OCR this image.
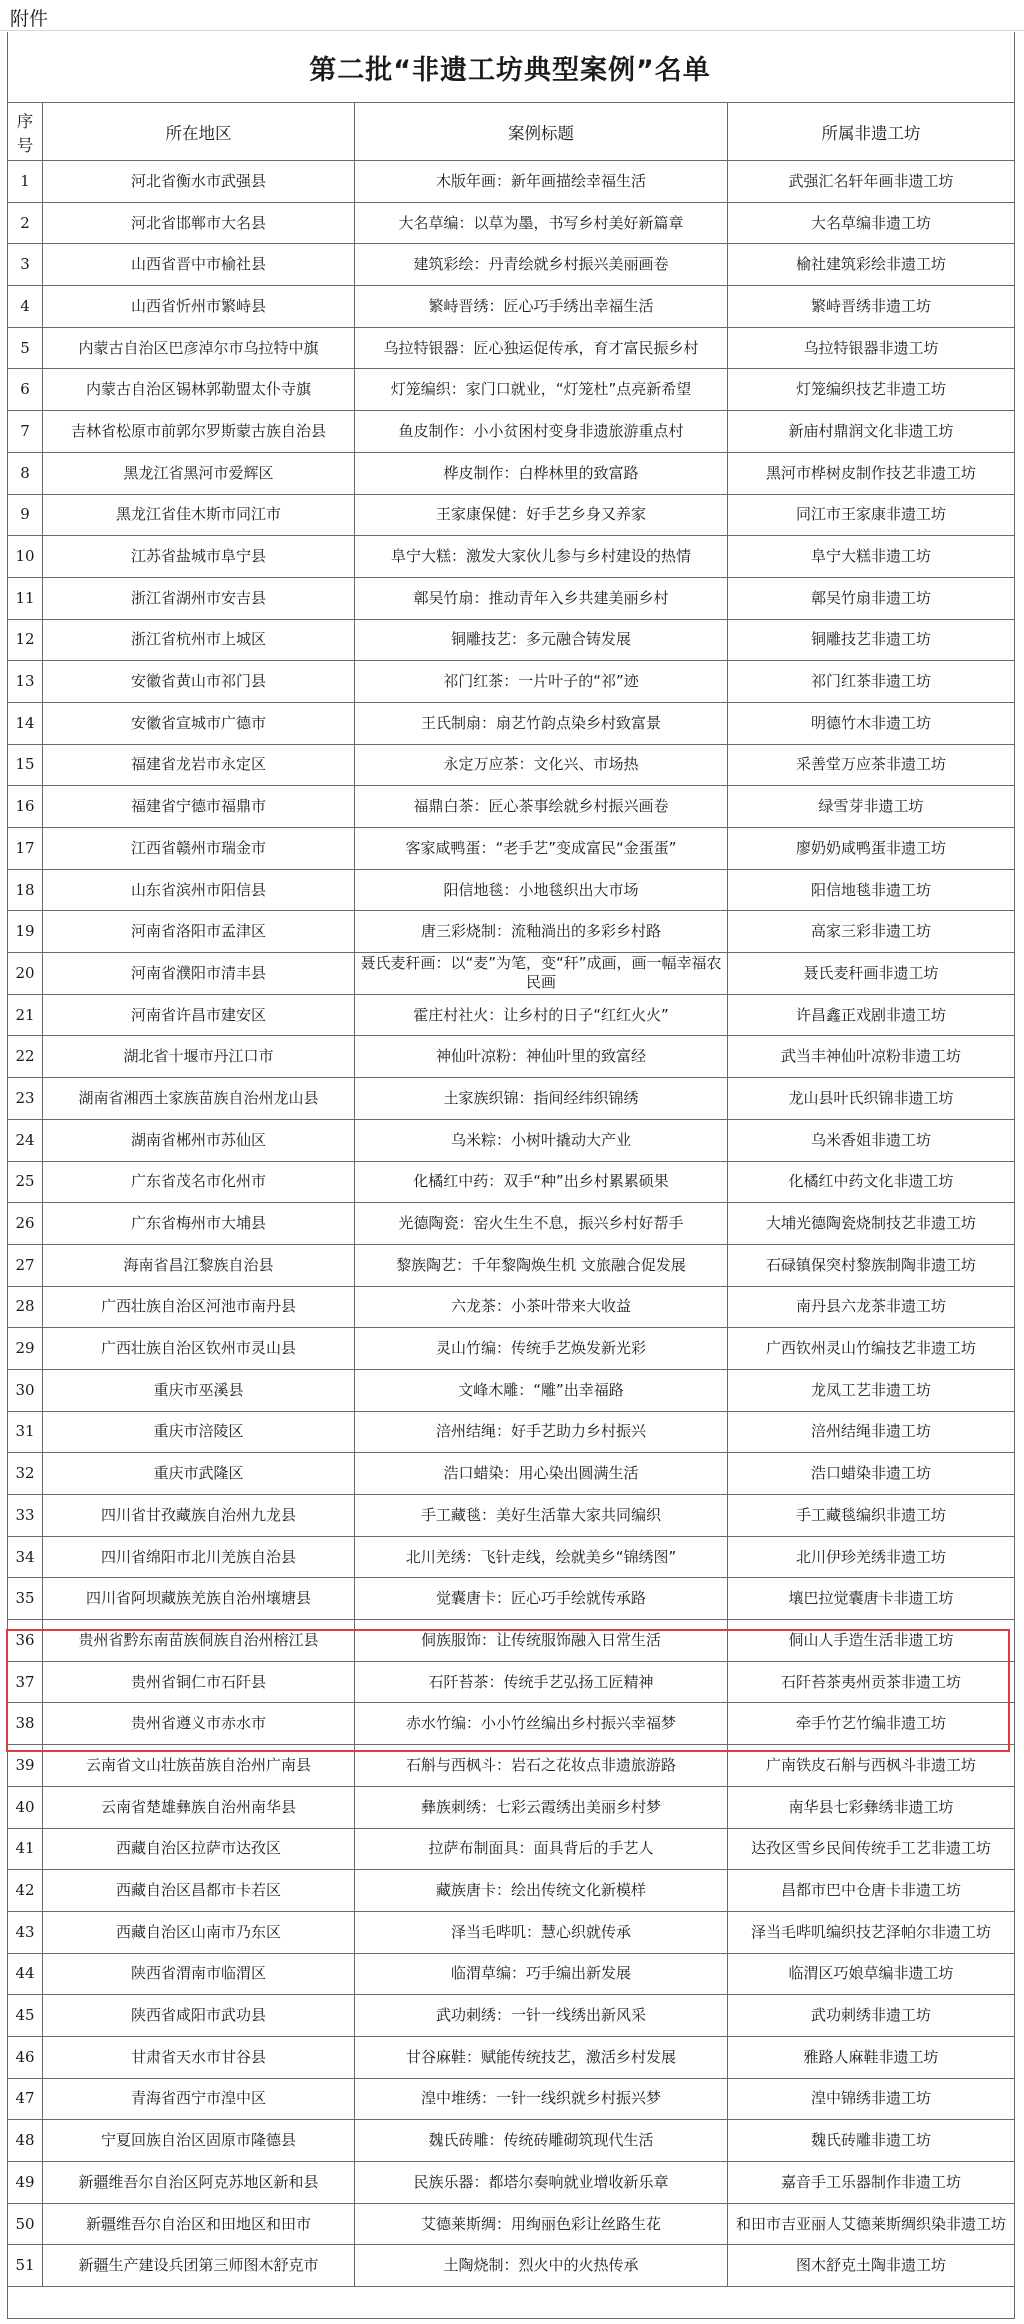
附件
第二批“非遗工坊典型案例”名单
序号	所在地区	案例标题	所属非遗工坊
1	河北省衡水市武强县	木版年画：新年画描绘幸福生活	武强汇名轩年画非遗工坊
2	河北省邯郸市大名县	大名草编：以草为墨，书写乡村美好新篇章	大名草编非遗工坊
3	山西省晋中市榆社县	建筑彩绘：丹青绘就乡村振兴美丽画卷	榆社建筑彩绘非遗工坊
4	山西省忻州市繁峙县	繁峙晋绣：匠心巧手绣出幸福生活	繁峙晋绣非遗工坊
5	内蒙古自治区巴彦淖尔市乌拉特中旗	乌拉特银器：匠心独运促传承，育才富民振乡村	乌拉特银器非遗工坊
6	内蒙古自治区锡林郭勒盟太仆寺旗	灯笼编织：家门口就业，“灯笼杜”点亮新希望	灯笼编织技艺非遗工坊
7	吉林省松原市前郭尔罗斯蒙古族自治县	鱼皮制作：小小贫困村变身非遗旅游重点村	新庙村鼎润文化非遗工坊
8	黑龙江省黑河市爱辉区	桦皮制作：白桦林里的致富路	黑河市桦树皮制作技艺非遗工坊
9	黑龙江省佳木斯市同江市	王家康保健：好手艺乡身又养家	同江市王家康非遗工坊
10	江苏省盐城市阜宁县	阜宁大糕：激发大家伙儿参与乡村建设的热情	阜宁大糕非遗工坊
11	浙江省湖州市安吉县	鄣吴竹扇：推动青年入乡共建美丽乡村	鄣吴竹扇非遗工坊
12	浙江省杭州市上城区	铜雕技艺：多元融合铸发展	铜雕技艺非遗工坊
13	安徽省黄山市祁门县	祁门红茶：一片叶子的“祁”迹	祁门红茶非遗工坊
14	安徽省宣城市广德市	王氏制扇：扇艺竹韵点染乡村致富景	明德竹木非遗工坊
15	福建省龙岩市永定区	永定万应茶：文化兴、市场热	采善堂万应茶非遗工坊
16	福建省宁德市福鼎市	福鼎白茶：匠心茶事绘就乡村振兴画卷	绿雪芽非遗工坊
17	江西省赣州市瑞金市	客家咸鸭蛋：“老手艺”变成富民“金蛋蛋”	廖奶奶咸鸭蛋非遗工坊
18	山东省滨州市阳信县	阳信地毯：小地毯织出大市场	阳信地毯非遗工坊
19	河南省洛阳市孟津区	唐三彩烧制：流釉淌出的多彩乡村路	高家三彩非遗工坊
20	河南省濮阳市清丰县	聂氏麦秆画：以“麦”为笔，变“秆”成画，画一幅幸福农民画	聂氏麦秆画非遗工坊
21	河南省许昌市建安区	霍庄村社火：让乡村的日子“红红火火”	许昌鑫正戏剧非遗工坊
22	湖北省十堰市丹江口市	神仙叶凉粉：神仙叶里的致富经	武当丰神仙叶凉粉非遗工坊
23	湖南省湘西土家族苗族自治州龙山县	土家族织锦：指间经纬织锦绣	龙山县叶氏织锦非遗工坊
24	湖南省郴州市苏仙区	乌米粽：小树叶撬动大产业	乌米香姐非遗工坊
25	广东省茂名市化州市	化橘红中药：双手“种”出乡村累累硕果	化橘红中药文化非遗工坊
26	广东省梅州市大埔县	光德陶瓷：窑火生生不息，振兴乡村好帮手	大埔光德陶瓷烧制技艺非遗工坊
27	海南省昌江黎族自治县	黎族陶艺：千年黎陶焕生机 文旅融合促发展	石碌镇保突村黎族制陶非遗工坊
28	广西壮族自治区河池市南丹县	六龙茶：小茶叶带来大收益	南丹县六龙茶非遗工坊
29	广西壮族自治区钦州市灵山县	灵山竹编：传统手艺焕发新光彩	广西钦州灵山竹编技艺非遗工坊
30	重庆市巫溪县	文峰木雕：“雕”出幸福路	龙凤工艺非遗工坊
31	重庆市涪陵区	涪州结绳：好手艺助力乡村振兴	涪州结绳非遗工坊
32	重庆市武隆区	浩口蜡染：用心染出圆满生活	浩口蜡染非遗工坊
33	四川省甘孜藏族自治州九龙县	手工藏毯：美好生活靠大家共同编织	手工藏毯编织非遗工坊
34	四川省绵阳市北川羌族自治县	北川羌绣：飞针走线，绘就美乡“锦绣图”	北川伊珍羌绣非遗工坊
35	四川省阿坝藏族羌族自治州壤塘县	觉囊唐卡：匠心巧手绘就传承路	壤巴拉觉囊唐卡非遗工坊
36	贵州省黔东南苗族侗族自治州榕江县	侗族服饰：让传统服饰融入日常生活	侗山人手造生活非遗工坊
37	贵州省铜仁市石阡县	石阡苔茶：传统手艺弘扬工匠精神	石阡苔茶夷州贡茶非遗工坊
38	贵州省遵义市赤水市	赤水竹编：小小竹丝编出乡村振兴幸福梦	牵手竹艺竹编非遗工坊
39	云南省文山壮族苗族自治州广南县	石斛与西枫斗：岩石之花妆点非遗旅游路	广南铁皮石斛与西枫斗非遗工坊
40	云南省楚雄彝族自治州南华县	彝族刺绣：七彩云霞绣出美丽乡村梦	南华县七彩彝绣非遗工坊
41	西藏自治区拉萨市达孜区	拉萨布制面具：面具背后的手艺人	达孜区雪乡民间传统手工艺非遗工坊
42	西藏自治区昌都市卡若区	藏族唐卡：绘出传统文化新模样	昌都市巴中仓唐卡非遗工坊
43	西藏自治区山南市乃东区	泽当毛哔叽：慧心织就传承	泽当毛哔叽编织技艺泽帕尔非遗工坊
44	陕西省渭南市临渭区	临渭草编：巧手编出新发展	临渭区巧娘草编非遗工坊
45	陕西省咸阳市武功县	武功刺绣：一针一线绣出新风采	武功刺绣非遗工坊
46	甘肃省天水市甘谷县	甘谷麻鞋：赋能传统技艺，激活乡村发展	雅路人麻鞋非遗工坊
47	青海省西宁市湟中区	湟中堆绣：一针一线织就乡村振兴梦	湟中锦绣非遗工坊
48	宁夏回族自治区固原市隆德县	魏氏砖雕：传统砖雕砌筑现代生活	魏氏砖雕非遗工坊
49	新疆维吾尔自治区阿克苏地区新和县	民族乐器：都塔尔奏响就业增收新乐章	嘉音手工乐器制作非遗工坊
50	新疆维吾尔自治区和田地区和田市	艾德莱斯绸：用绚丽色彩让丝路生花	和田市吉亚丽人艾德莱斯绸织染非遗工坊
51	新疆生产建设兵团第三师图木舒克市	土陶烧制：烈火中的火热传承	图木舒克土陶非遗工坊
